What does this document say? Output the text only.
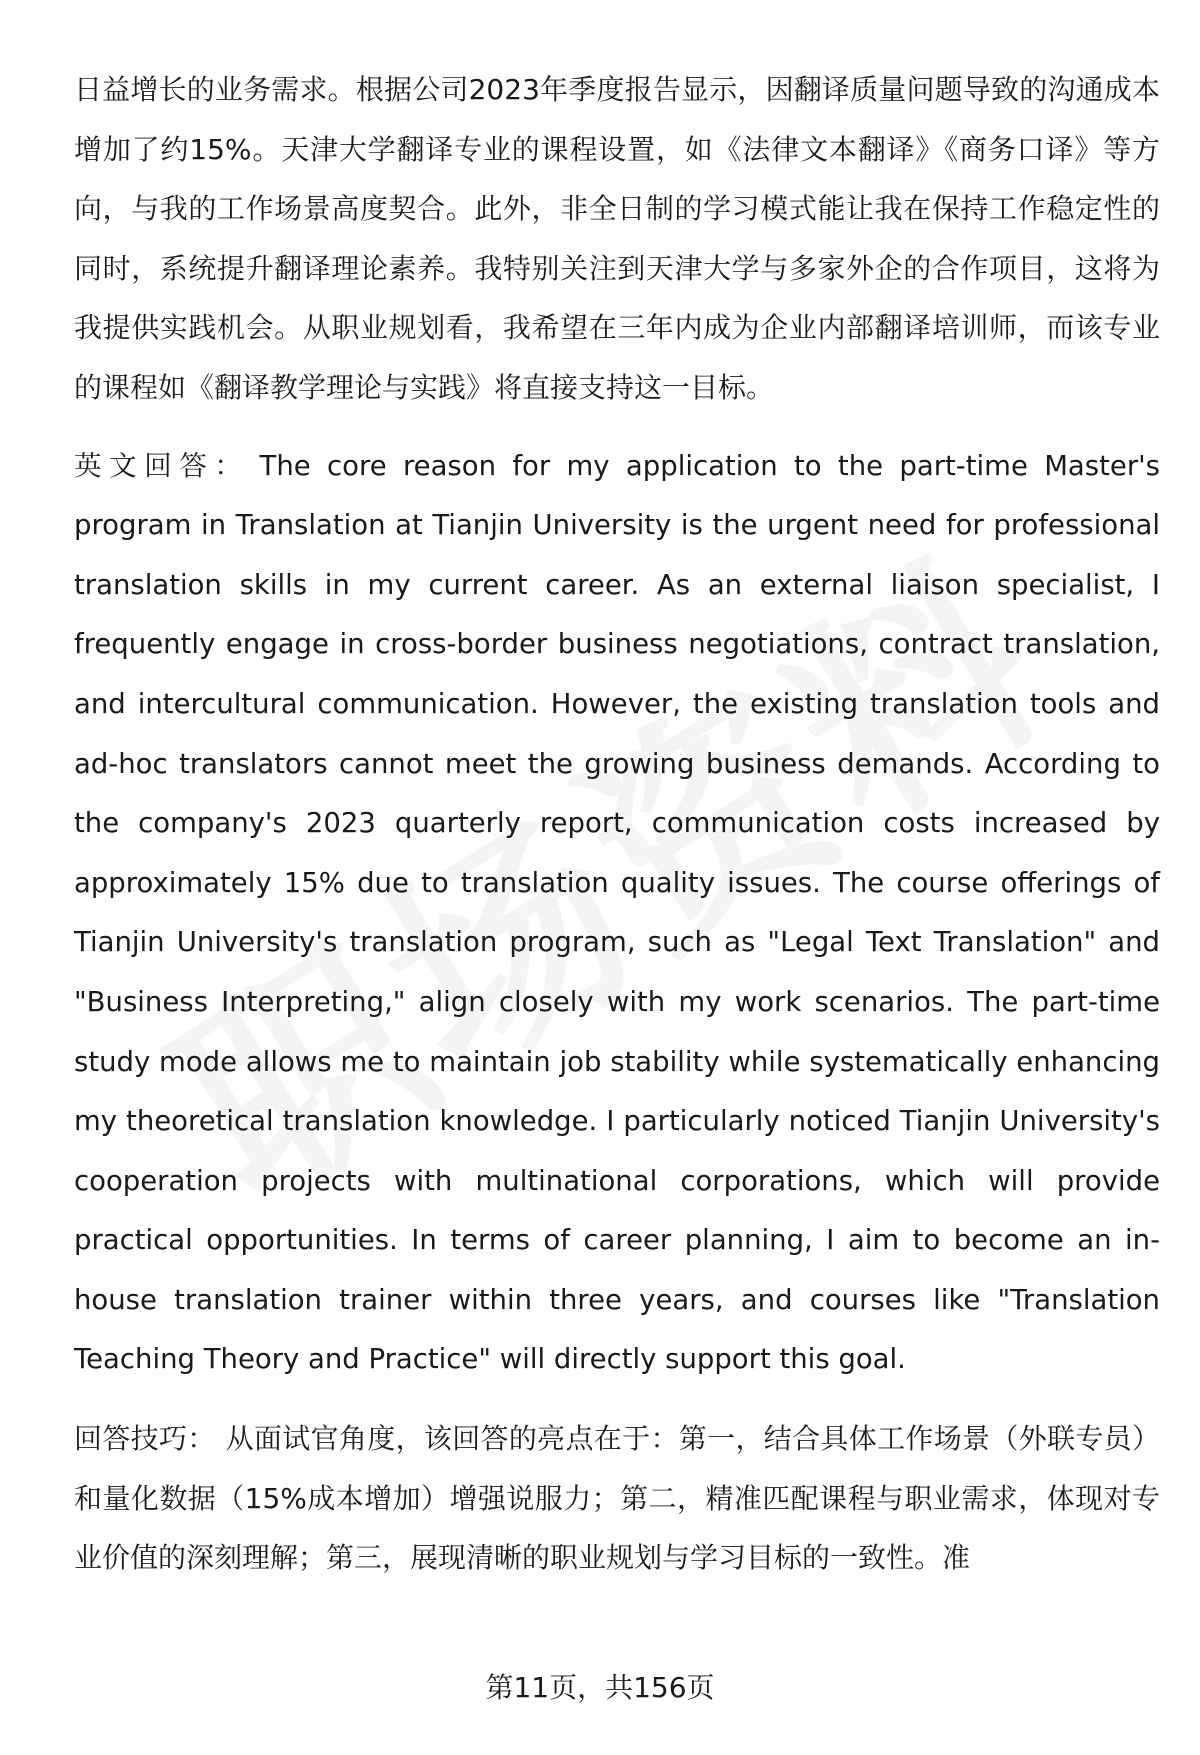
日益增长的业务需求。根据公司2023年季度报告显示，因翻译质量问题导致的沟通成本增加了约15%。天津大学翻译专业的课程设置，如《法律文本翻译》《商务口译》等方向，与我的工作场景高度契合。此外，非全日制的学习模式能让我在保持工作稳定性的同时，系统提升翻译理论素养。我特别关注到天津大学与多家外企的合作项目，这将为我提供实践机会。从职业规划看，我希望在三年内成为企业内部翻译培训师，而该专业的课程如《翻译教学理论与实践》将直接支持这一目标。

英文回答： The core reason for my application to the part-time Master's program in Translation at Tianjin University is the urgent need for professional translation skills in my current career. As an external liaison specialist, I frequently engage in cross-border business negotiations, contract translation, and intercultural communication. However, the existing translation tools and ad-hoc translators cannot meet the growing business demands. According to the company's 2023 quarterly report, communication costs increased by approximately 15% due to translation quality issues. The course offerings of Tianjin University's translation program, such as "Legal Text Translation" and "Business Interpreting," align closely with my work scenarios. The part-time study mode allows me to maintain job stability while systematically enhancing my theoretical translation knowledge. I particularly noticed Tianjin University's cooperation projects with multinational corporations, which will provide practical opportunities. In terms of career planning, I aim to become an in-house translation trainer within three years, and courses like "Translation Teaching Theory and Practice" will directly support this goal.

回答技巧： 从面试官角度，该回答的亮点在于：第一，结合具体工作场景（外联专员）和量化数据（15%成本增加）增强说服力；第二，精准匹配课程与职业需求，体现对专业价值的深刻理解；第三，展现清晰的职业规划与学习目标的一致性。准

第11页，共156页
